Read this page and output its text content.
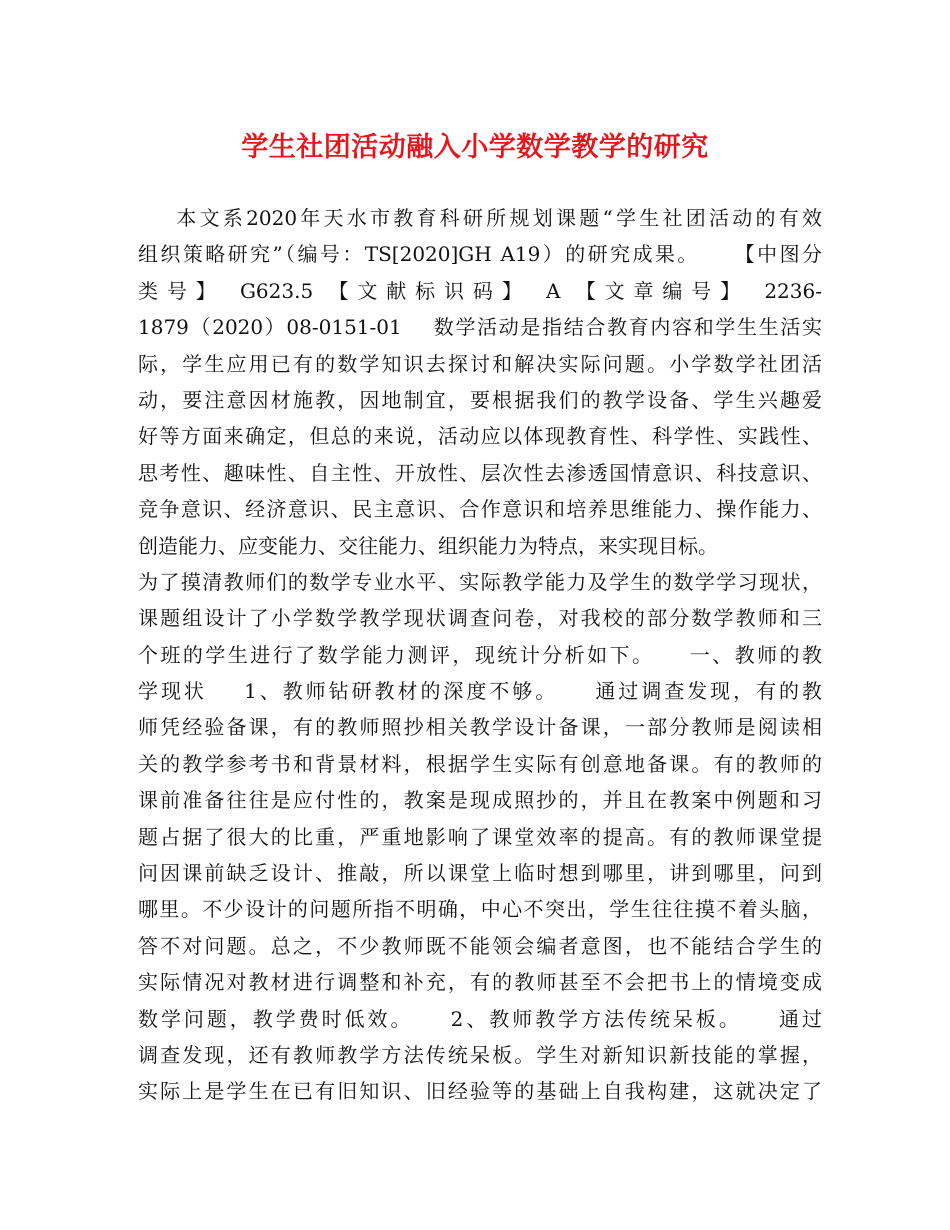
学生社团活动融入小学数学教学的研究
本文系2020年天水市教育科研所规划课题“学生社团活动的有效
组织策略研究”（编号：TS[2020]GH A19）的研究成果。    【中图分
类号】 G623.5 【文献标识码】 A 【文章编号】 2236-
1879（2020）08-0151-01    数学活动是指结合教育内容和学生生活实
际，学生应用已有的数学知识去探讨和解决实际问题。小学数学社团活
动，要注意因材施教，因地制宜，要根据我们的教学设备、学生兴趣爱
好等方面来确定，但总的来说，活动应以体现教育性、科学性、实践性、
思考性、趣味性、自主性、开放性、层次性去渗透国情意识、科技意识、
竞争意识、经济意识、民主意识、合作意识和培养思维能力、操作能力、
创造能力、应变能力、交往能力、组织能力为特点，来实现目标。
为了摸清教师们的数学专业水平、实际教学能力及学生的数学学习现状，
课题组设计了小学数学教学现状调查问卷，对我校的部分数学教师和三
个班的学生进行了数学能力测评，现统计分析如下。    一、教师的教
学现状    1、教师钻研教材的深度不够。    通过调查发现，有的教
师凭经验备课，有的教师照抄相关教学设计备课，一部分教师是阅读相
关的教学参考书和背景材料，根据学生实际有创意地备课。有的教师的
课前准备往往是应付性的，教案是现成照抄的，并且在教案中例题和习
题占据了很大的比重，严重地影响了课堂效率的提高。有的教师课堂提
问因课前缺乏设计、推敲，所以课堂上临时想到哪里，讲到哪里，问到
哪里。不少设计的问题所指不明确，中心不突出，学生往往摸不着头脑，
答不对问题。总之，不少教师既不能领会编者意图，也不能结合学生的
实际情况对教材进行调整和补充，有的教师甚至不会把书上的情境变成
数学问题，教学费时低效。    2、教师教学方法传统呆板。    通过
调查发现，还有教师教学方法传统呆板。学生对新知识新技能的掌握，
实际上是学生在已有旧知识、旧经验等的基础上自我构建，这就决定了
